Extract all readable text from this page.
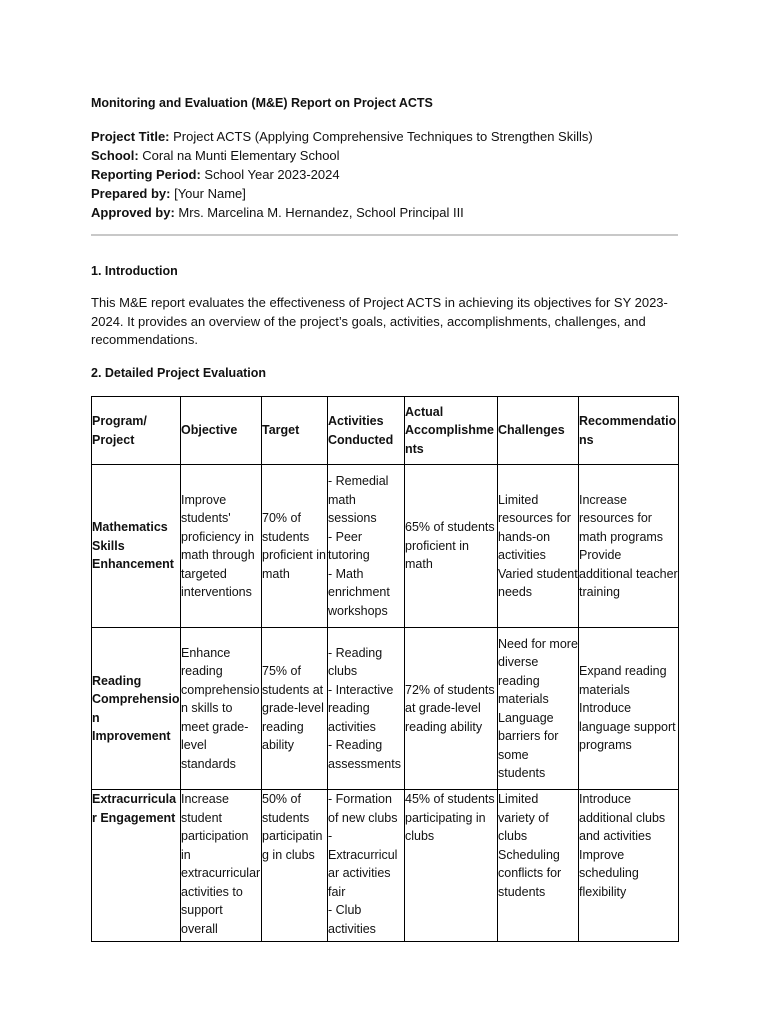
Monitoring and Evaluation (M&E) Report on Project ACTS

Project Title: Project ACTS (Applying Comprehensive Techniques to Strengthen Skills)

School: Coral na Munti Elementary School

Reporting Period: School Year 2023-2024

Prepared by: [Your Name]

Approved by: Mrs. Marcelina M. Hernandez, School Principal III

1. Introduction

This M&E report evaluates the effectiveness of Project ACTS in achieving its objectives for SY 2023-2024. It provides an overview of the project’s goals, activities, accomplishments, challenges, and recommendations.

2. Detailed Project Evaluation
Program/ Project	Objective	Target	Activities Conducted	Actual Accomplishments	Challenges	Recommendations
Mathematics Skills Enhancement	Improve students' proficiency in math through targeted interventions	70% of students proficient in math	- Remedial math sessions
- Peer tutoring
- Math enrichment workshops	65% of students proficient in math	Limited resources for hands-on activities
Varied student needs	Increase resources for math programs
Provide additional teacher training

Reading Comprehension Improvement	Enhance reading comprehension skills to meet grade-level standards	75% of students at grade-level reading ability	- Reading clubs
- Interactive reading activities
- Reading assessments	72% of students at grade-level reading ability	Need for more diverse reading materials
Language barriers for some students	Expand reading materials
Introduce language support programs

Extracurricular Engagement	Increase student participation in extracurricular activities to support overall	50% of students participating in clubs	- Formation of new clubs
- Extracurricular activities fair
- Club activities	45% of students participating in clubs	Limited variety of clubs
Scheduling conflicts for students	Introduce additional clubs and activities
Improve scheduling flexibility
